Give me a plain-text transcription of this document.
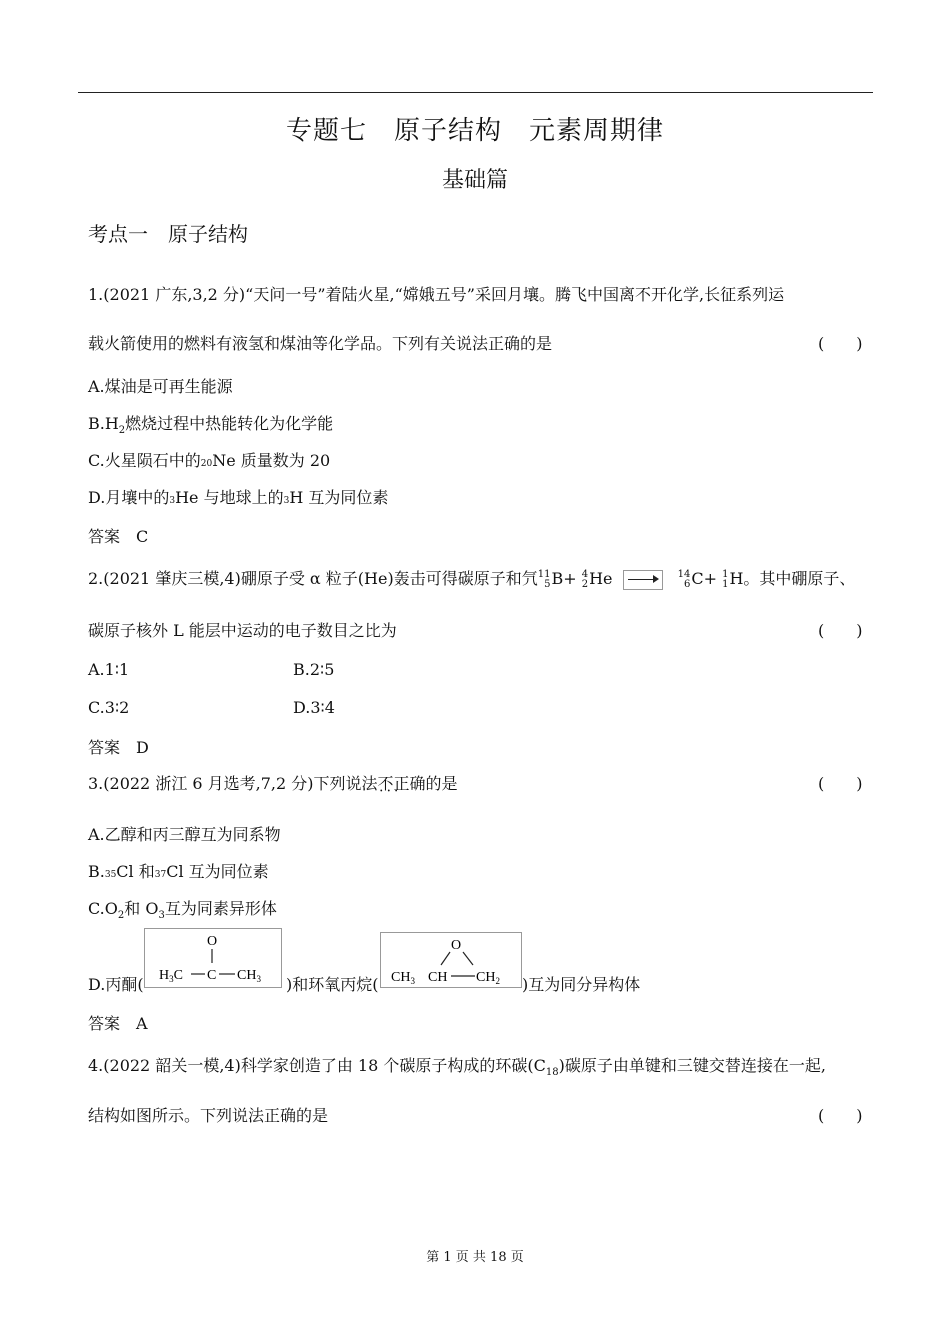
专题七　原子结构　元素周期律
基础篇
考点一　原子结构
1.(2021 广东,3,2 分)“天问一号”着陆火星,“嫦娥五号”采回月壤。腾飞中国离不开化学,长征系列运
载火箭使用的燃料有液氢和煤油等化学品。下列有关说法正确的是	(　　)
A.煤油是可再生能源
$B.H_2$燃烧过程中热能转化为化学能
C.火星陨石中的20Ne 质量数为 20
D.月壤中的3He 与地球上的3H 互为同位素
答案　C
2.(2021 肇庆三模,4)硼原子受 α 粒子(He)轰击可得碳原子和氕 11
5 B+ 4
2 He → 14
6 C+ 1
1 H。其中硼原子、
碳原子核外 L 能层中运动的电子数目之比为	(　　)
A.1∶1	B.2∶5
C.3∶2	D.3∶4
答案　D
3.(2022 浙江 6 月选考,7,2 分)下列说法不正确 • • •的是	(　　)
A.乙醇和丙三醇互为同系物
B.35Cl 和37Cl 互为同位素
$C.O_2$和 $O_3$互为同素异形体
D.丙酮(
O
$H_3C$ C $CH_3$ )和环氧丙烷(
O
$CH_3$ CH $CH_2$ )互为同分异构体
答案　A
4.(2022 韶关一模,4)科学家创造了由 18 个碳原子构成的环碳$(C_{18})$碳原子由单键和三键交替连接在一起,
结构如图所示。下列说法正确的是	(　　)
第 1 页 共 18 页
